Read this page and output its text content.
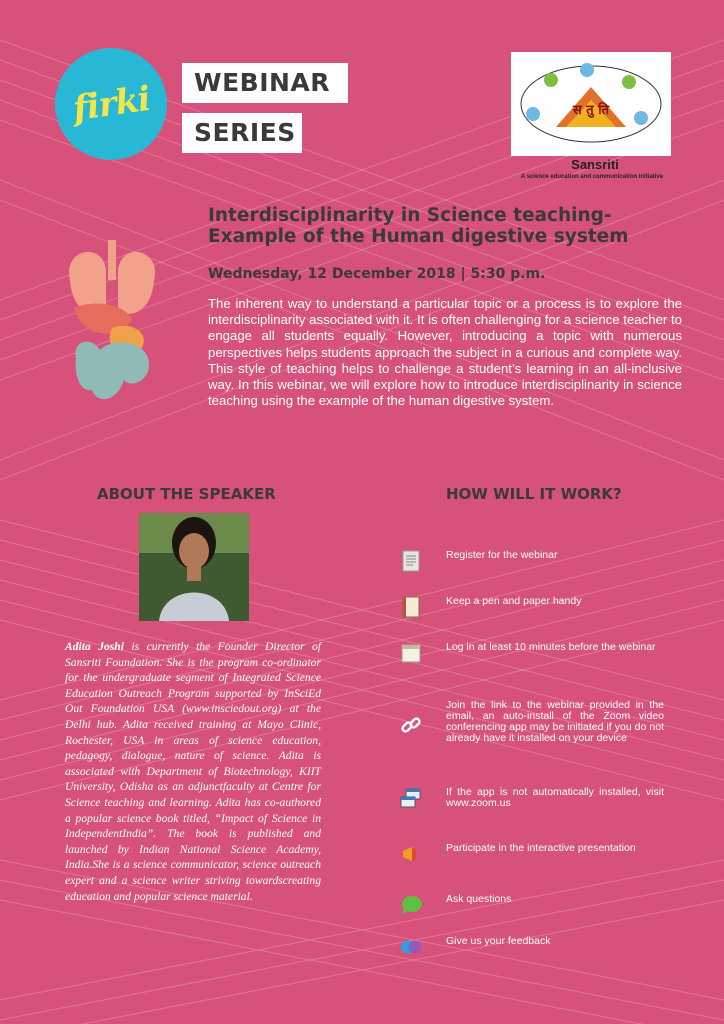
firki	WEBINAR
SERIES
स तु ति
Sansriti
A science education and communication initiative
Interdisciplinarity in Science teaching-Example of the Human digestive system
Wednesday, 12 December 2018 | 5:30 p.m.
The inherent way to understand a particular topic or a process is to explore the interdisciplinarity associated with it. It is often challenging for a science teacher to engage all students equally. However, introducing a topic with numerous perspectives helps students approach the subject in a curious and complete way. This style of teaching helps to challenge a student’s learning in an all-inclusive way. In this webinar, we will explore how to introduce interdisciplinarity in science teaching using the example of the human digestive system.
ABOUT THE SPEAKER	HOW WILL IT WORK?
Adita Joshi is currently the Founder Director of Sansriti Foundation. She is the program co-ordinator for the undergraduate segment of Integrated Science Education Outreach Program supported by InSciEd Out Foundation USA (www.insciedout.org) at the Delhi hub. Adita received training at Mayo Clinic, Rochester, USA in areas of science education, pedagogy, dialogue, nature of science. Adita is associated with Department of Biotechnology, KIIT University, Odisha as an adjunctfaculty at Centre for Science teaching and learning. Adita has co-authored a popular science book titled, “Impact of Science in IndependentIndia”. The book is published and launched by Indian National Science Academy, India.She is a science communicator, science outreach expert and a science writer striving towardscreating education and popular science material.
Register for the webinar
Keep a pen and paper handy
Log in at least 10 minutes before the webinar
Join the link to the webinar provided in the email, an auto-install of the Zoom video conferencing app may be initiated if you do not already have it installed on your device
If the app is not automatically installed, visit www.zoom.us
Participate in the interactive presentation
Ask questions
Give us your feedback
